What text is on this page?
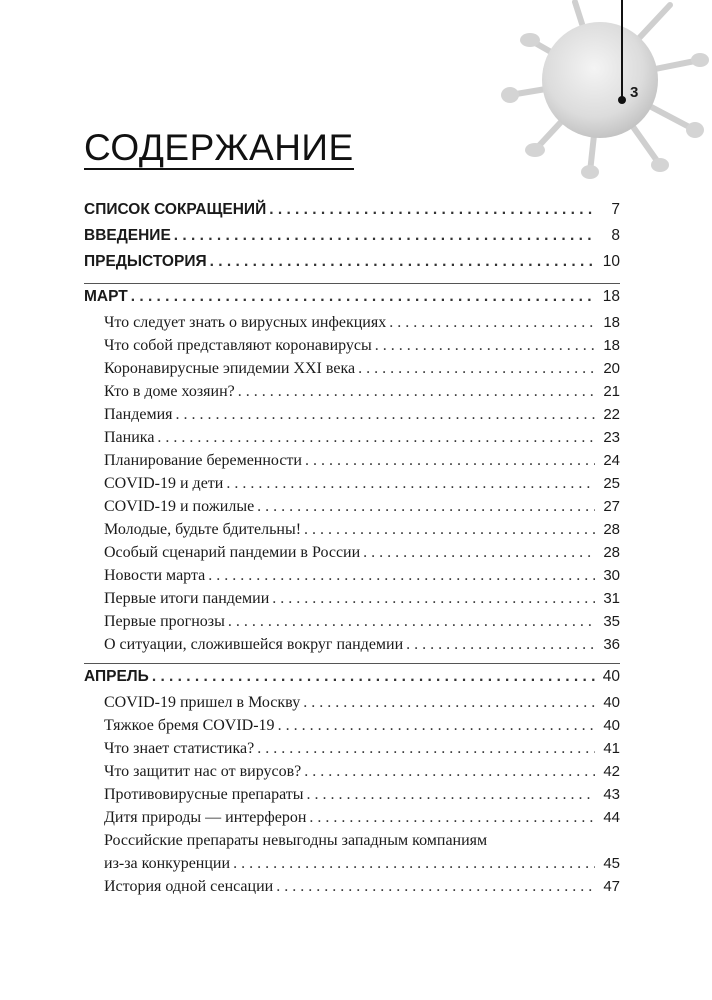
3
СОДЕРЖАНИЕ
СПИСОК СОКРАЩЕНИЙ . . .	7
ВВЕДЕНИЕ . . .	8
ПРЕДЫСТОРИЯ . . .	10
МАРТ . . .	18
Что следует знать о вирусных инфекциях . . .	18
Что собой представляют коронавирусы . . .	18
Коронавирусные эпидемии XXI века . . .	20
Кто в доме хозяин? . . .	21
Пандемия . . .	22
Паника . . .	23
Планирование беременности . . .	24
COVID-19 и дети . . .	25
COVID-19 и пожилые . . .	27
Молодые, будьте бдительны! . . .	28
Особый сценарий пандемии в России . . .	28
Новости марта . . .	30
Первые итоги пандемии . . .	31
Первые прогнозы . . .	35
О ситуации, сложившейся вокруг пандемии . . .	36
АПРЕЛЬ . . .	40
COVID-19 пришел в Москву . . .	40
Тяжкое бремя COVID-19 . . .	40
Что знает статистика? . . .	41
Что защитит нас от вирусов? . . .	42
Противовирусные препараты . . .	43
Дитя природы — интерферон . . .	44
Российские препараты невыгодны западным компаниям
из-за конкуренции . . .	45
История одной сенсации . . .	47
